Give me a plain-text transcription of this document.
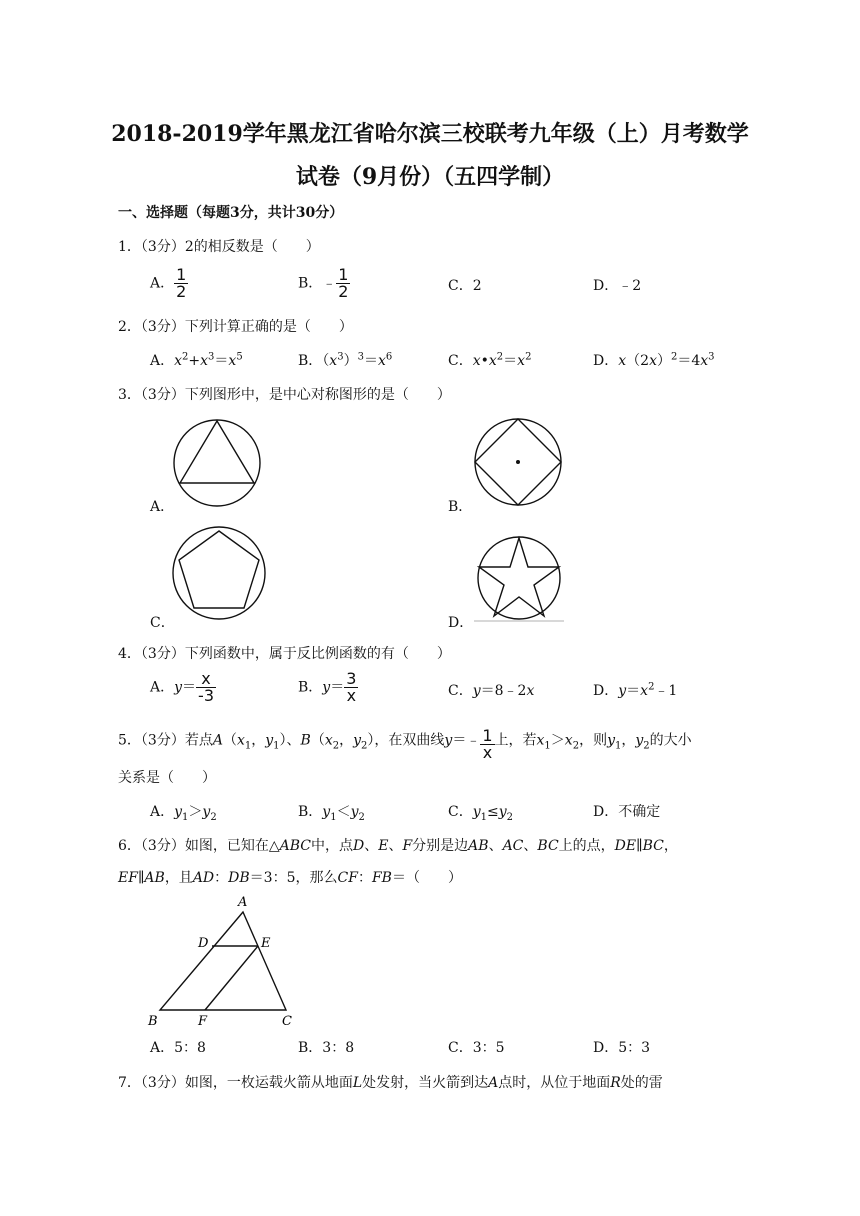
2018-2019学年黑龙江省哈尔滨三校联考九年级（上）月考数学
试卷（9月份）（五四学制）
一、选择题（每题3分，共计30分）
1．（3分）2的相反数是（　　）
A． $\frac{1}{2}$	B．﹣ $\frac{1}{2}$	C．2	D．﹣2
2．（3分）下列计算正确的是（　　）
A．$x^2+x^3=x^5$	B．$(x^3)^3=x^6$	C．$x•x^2=x^2$	D．$x(2x)^2=4x^3$
3．（3分）下列图形中，是中心对称图形的是（　　）
A．	B．
C．	D．
4．（3分）下列函数中，属于反比例函数的有（　　）
A．$y= \frac{x}{-3}$	B．$y= \frac{3}{x}$	C．y＝8﹣2x	D．$y=x^2﹣1$
5．（3分）若点$A(x_1$，$y_1$）、$B(x_2$，$y_2$），在双曲线y＝﹣ $\frac{1}{x}$ 上，若$x_1>x_2$，则$y_1$，$y_2$的大小
关系是（　　）
A．$y_1>y_2$	B．$y_1<y_2$	C．$y_1\le y_2$	D．不确定
6．（3分）如图，已知在△ABC中，点D、E、F分别是边AB、AC、BC上的点，DE∥BC，
EF∥AB，且AD：DB＝3：5，那么CF：FB＝（　　）
A
D	E
B	F	C
A．5：8	B．3：8	C．3：5	D．5：3
7．（3分）如图，一枚运载火箭从地面L处发射，当火箭到达A点时，从位于地面R处的雷
